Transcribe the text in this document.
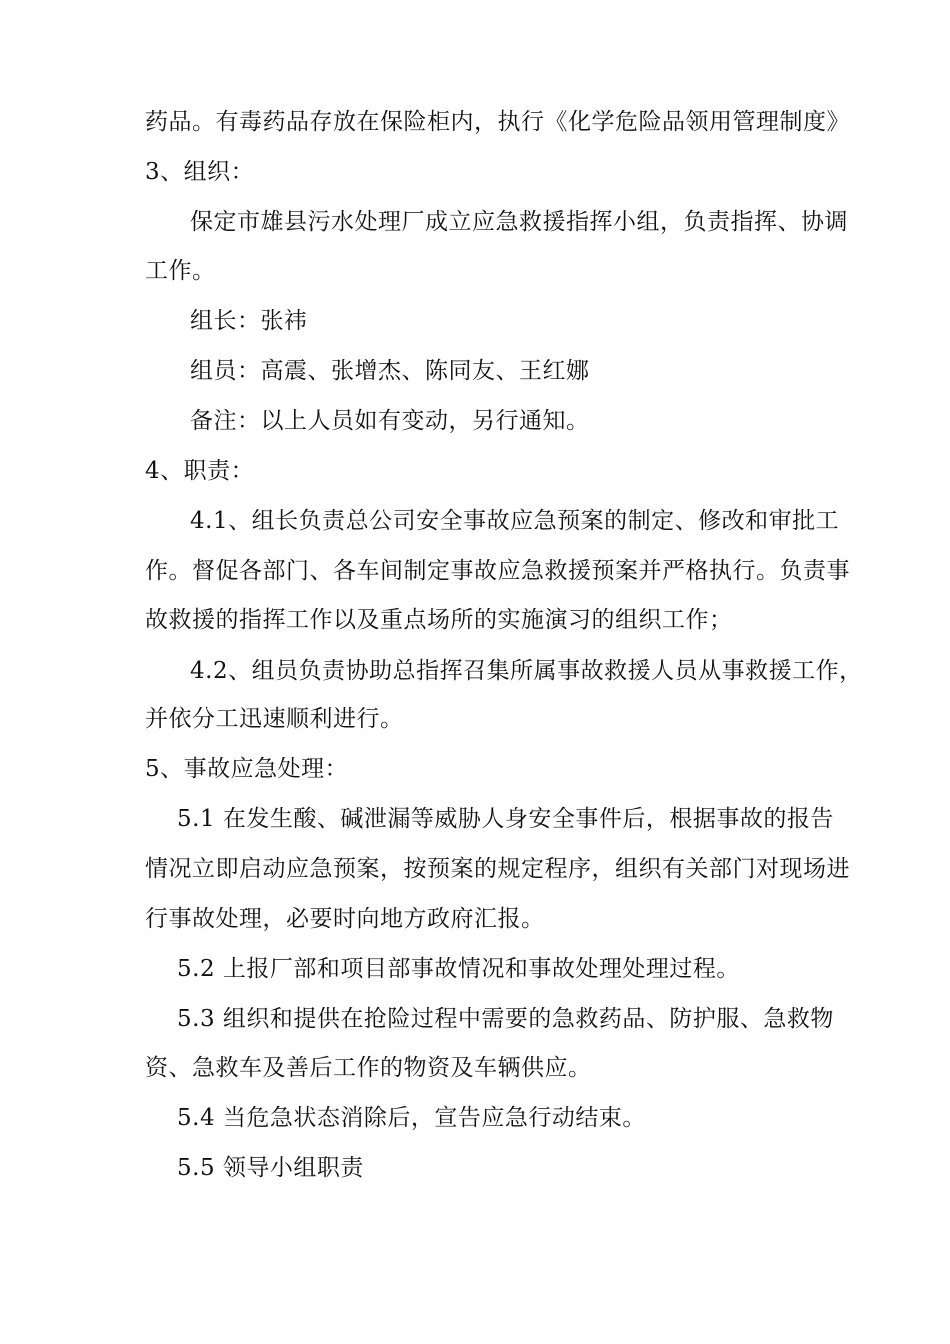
药品。有毒药品存放在保险柜内，执行《化学危险品领用管理制度》
3、组织：
保定市雄县污水处理厂成立应急救援指挥小组，负责指挥、协调
工作。
组长：张祎
组员：高震、张增杰、陈同友、王红娜
备注：以上人员如有变动，另行通知。
4、职责：
4.1、组长负责总公司安全事故应急预案的制定、修改和审批工
作。督促各部门、各车间制定事故应急救援预案并严格执行。负责事
故救援的指挥工作以及重点场所的实施演习的组织工作；
4.2、组员负责协助总指挥召集所属事故救援人员从事救援工作，
并依分工迅速顺利进行。
5、事故应急处理：
5.1 在发生酸、碱泄漏等威胁人身安全事件后，根据事故的报告
情况立即启动应急预案，按预案的规定程序，组织有关部门对现场进
行事故处理，必要时向地方政府汇报。
5.2 上报厂部和项目部事故情况和事故处理处理过程。
5.3 组织和提供在抢险过程中需要的急救药品、防护服、急救物
资、急救车及善后工作的物资及车辆供应。
5.4 当危急状态消除后，宣告应急行动结束。
5.5 领导小组职责
